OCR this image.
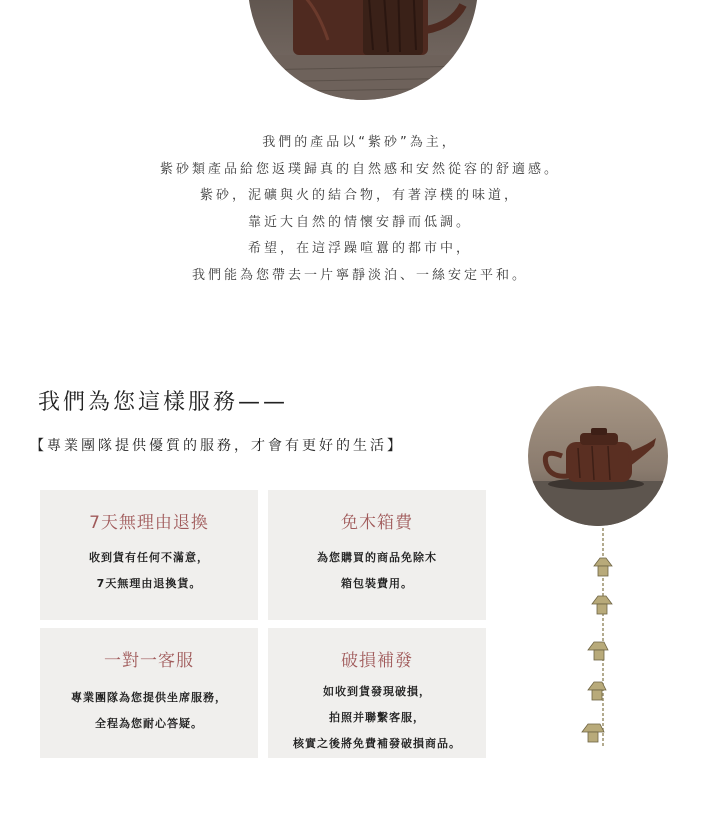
我們的產品以“紫砂”為主，

紫砂類產品給您返璞歸真的自然感和安然從容的舒適感。

紫砂，泥礦與火的結合物，有著淳樸的味道，

靠近大自然的情懷安靜而低調。

希望，在這浮躁喧囂的都市中，

我們能為您帶去一片寧靜淡泊、一絲安定平和。

我們為您這樣服務——
【專業團隊提供優質的服務，才會有更好的生活】
7天無理由退換
收到貨有任何不滿意，
7天無理由退換貨。
免木箱費
為您購買的商品免除木
箱包裝費用。
一對一客服
專業團隊為您提供坐席服務，
全程為您耐心答疑。
破損補發
如收到貨發現破損，
拍照并聯繫客服，
核實之後將免費補發破損商品。
